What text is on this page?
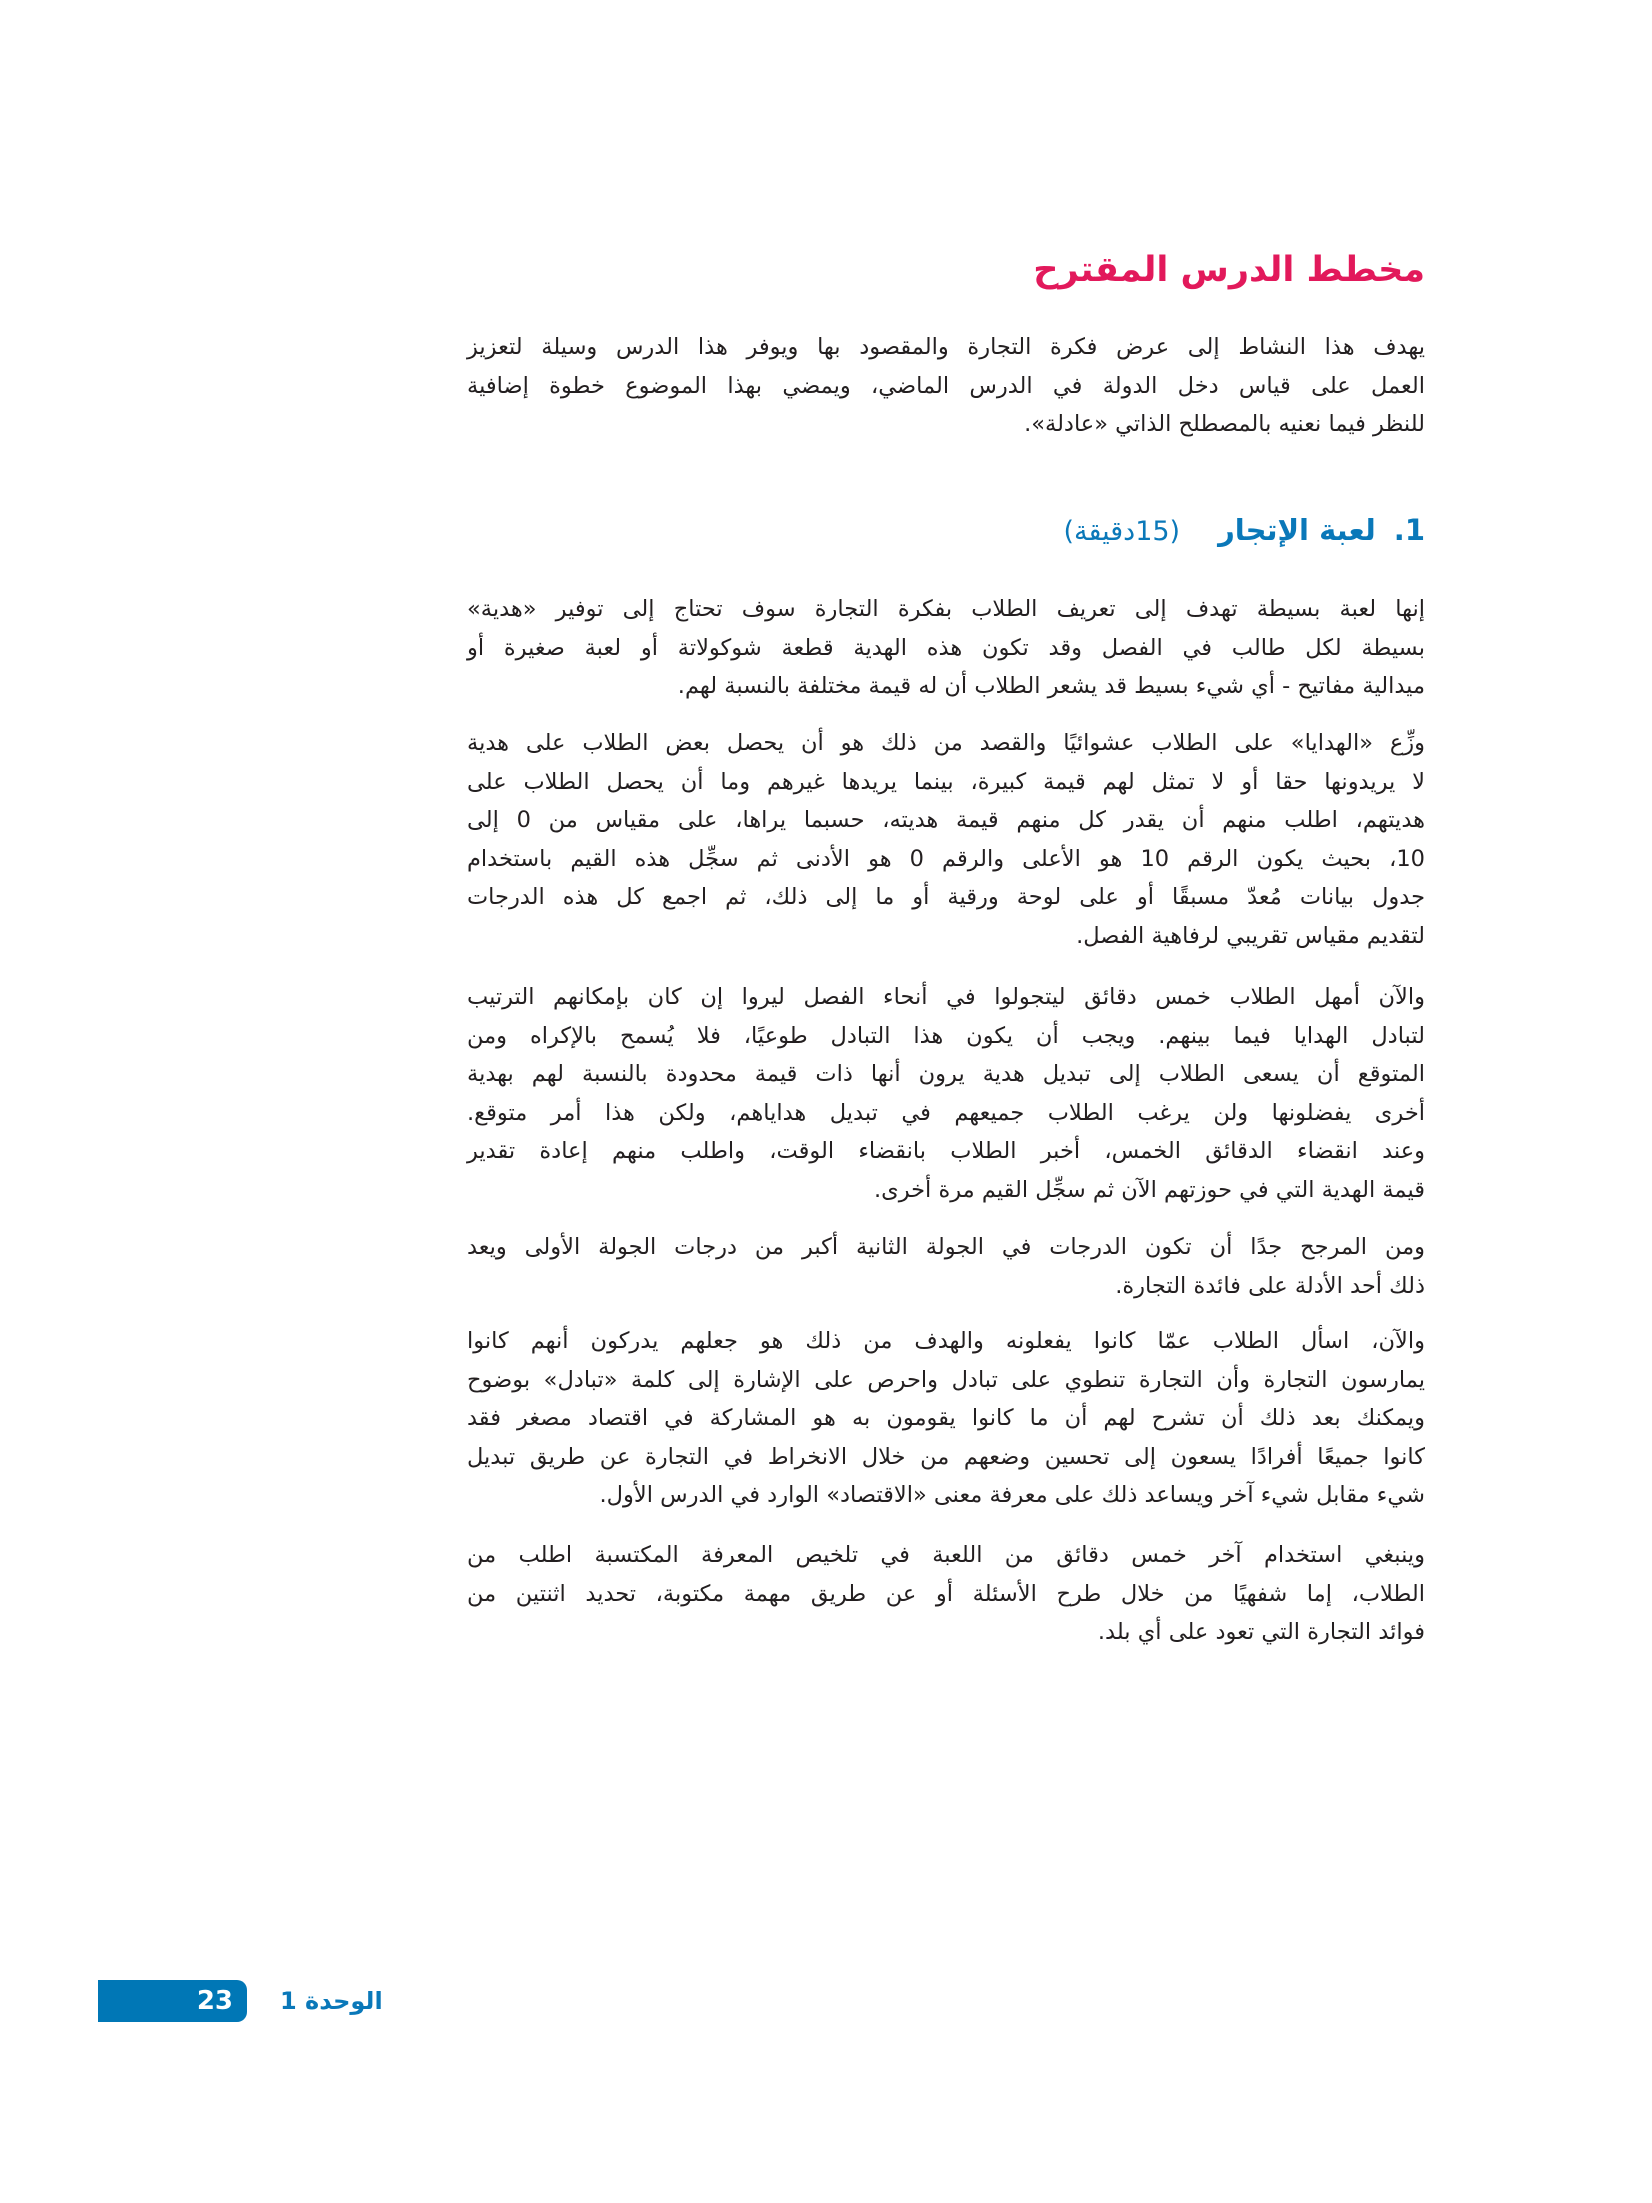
مخطط الدرس المقترح
يهدف هذا النشاط إلى عرض فكرة التجارة والمقصود بها ويوفر هذا الدرس وسيلة لتعزيز
العمل على قياس دخل الدولة في الدرس الماضي، ويمضي بهذا الموضوع خطوة إضافية
للنظر فيما نعنيه بالمصطلح الذاتي «عادلة».
1.لعبة الإتجار(15دقيقة)
إنها لعبة بسيطة تهدف إلى تعريف الطلاب بفكرة التجارة سوف تحتاج إلى توفير «هدية»
بسيطة لكل طالب في الفصل وقد تكون هذه الهدية قطعة شوكولاتة أو لعبة صغيرة أو
ميدالية مفاتيح - أي شيء بسيط قد يشعر الطلاب أن له قيمة مختلفة بالنسبة لهم.
وزِّع «الهدايا» على الطلاب عشوائيًا والقصد من ذلك هو أن يحصل بعض الطلاب على هدية
لا يريدونها حقا أو لا تمثل لهم قيمة كبيرة، بينما يريدها غيرهم وما أن يحصل الطلاب على
هديتهم، اطلب منهم أن يقدر كل منهم قيمة هديته، حسبما يراها، على مقياس من 0 إلى
10، بحيث يكون الرقم 10 هو الأعلى والرقم 0 هو الأدنى ثم سجِّل هذه القيم باستخدام
جدول بيانات مُعدّ مسبقًا أو على لوحة ورقية أو ما إلى ذلك، ثم اجمع كل هذه الدرجات
لتقديم مقياس تقريبي لرفاهية الفصل.
والآن أمهل الطلاب خمس دقائق ليتجولوا في أنحاء الفصل ليروا إن كان بإمكانهم الترتيب
لتبادل الهدايا فيما بينهم. ويجب أن يكون هذا التبادل طوعيًا، فلا يُسمح بالإكراه ومن
المتوقع أن يسعى الطلاب إلى تبديل هدية يرون أنها ذات قيمة محدودة بالنسبة لهم بهدية
أخرى يفضلونها ولن يرغب الطلاب جميعهم في تبديل هداياهم، ولكن هذا أمر متوقع.
وعند انقضاء الدقائق الخمس، أخبر الطلاب بانقضاء الوقت، واطلب منهم إعادة تقدير
قيمة الهدية التي في حوزتهم الآن ثم سجِّل القيم مرة أخرى.
ومن المرجح جدًا أن تكون الدرجات في الجولة الثانية أكبر من درجات الجولة الأولى ويعد
ذلك أحد الأدلة على فائدة التجارة.
والآن، اسأل الطلاب عمّا كانوا يفعلونه والهدف من ذلك هو جعلهم يدركون أنهم كانوا
يمارسون التجارة وأن التجارة تنطوي على تبادل واحرص على الإشارة إلى كلمة «تبادل» بوضوح
ويمكنك بعد ذلك أن تشرح لهم أن ما كانوا يقومون به هو المشاركة في اقتصاد مصغر فقد
كانوا جميعًا أفرادًا يسعون إلى تحسين وضعهم من خلال الانخراط في التجارة عن طريق تبديل
شيء مقابل شيء آخر ويساعد ذلك على معرفة معنى «الاقتصاد» الوارد في الدرس الأول.
وينبغي استخدام آخر خمس دقائق من اللعبة في تلخيص المعرفة المكتسبة اطلب من
الطلاب، إما شفهيًا من خلال طرح الأسئلة أو عن طريق مهمة مكتوبة، تحديد اثنتين من
فوائد التجارة التي تعود على أي بلد.
23 الوحدة 1
